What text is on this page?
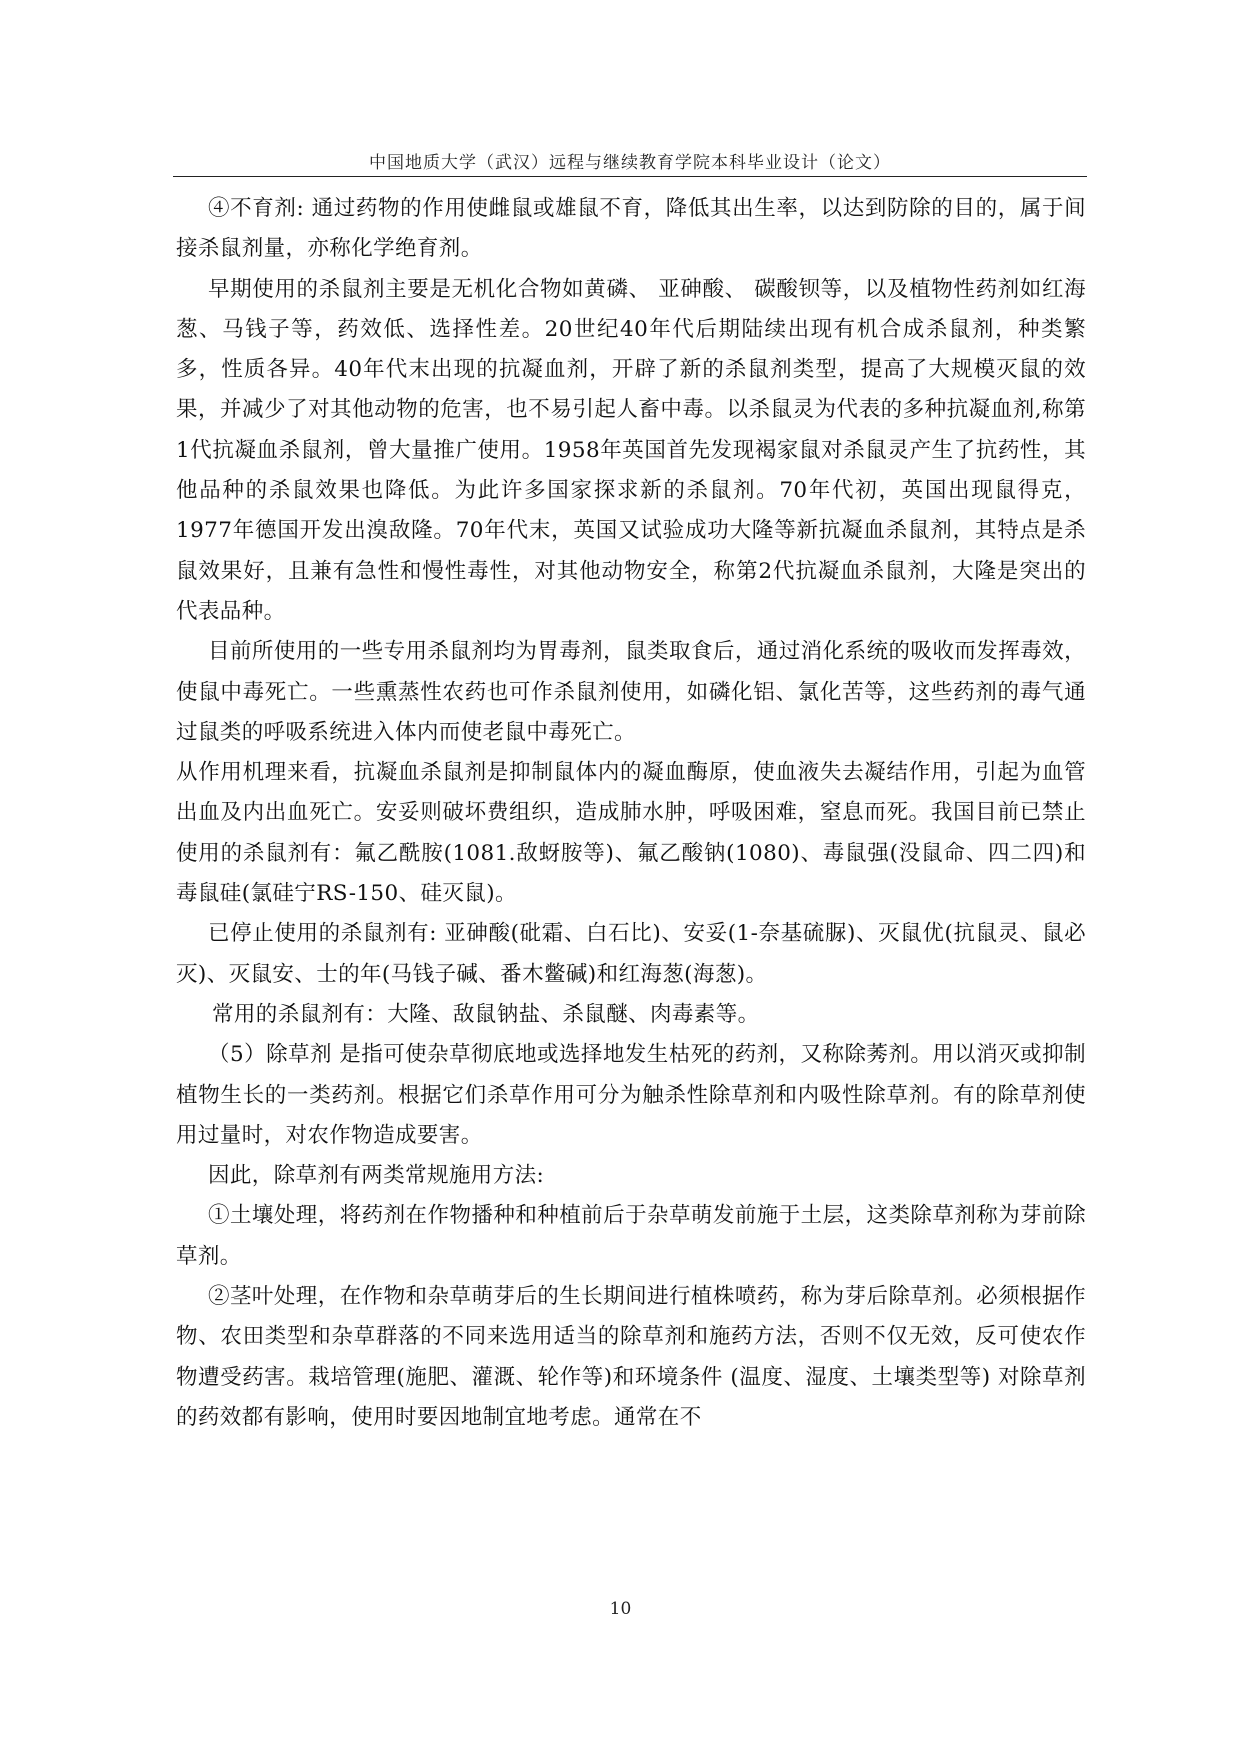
中国地质大学（武汉）远程与继续教育学院本科毕业设计（论文）

④不育剂: 通过药物的作用使雌鼠或雄鼠不育，降低其出生率，以达到防除的目的，属于间接杀鼠剂量，亦称化学绝育剂。

早期使用的杀鼠剂主要是无机化合物如黄磷、 亚砷酸、 碳酸钡等，以及植物性药剂如红海葱、马钱子等，药效低、选择性差。20世纪40年代后期陆续出现有机合成杀鼠剂，种类繁多，性质各异。40年代末出现的抗凝血剂，开辟了新的杀鼠剂类型，提高了大规模灭鼠的效果，并减少了对其他动物的危害，也不易引起人畜中毒。以杀鼠灵为代表的多种抗凝血剂,称第1代抗凝血杀鼠剂，曾大量推广使用。1958年英国首先发现褐家鼠对杀鼠灵产生了抗药性，其他品种的杀鼠效果也降低。为此许多国家探求新的杀鼠剂。70年代初，英国出现鼠得克，1977年德国开发出溴敌隆。70年代末，英国又试验成功大隆等新抗凝血杀鼠剂，其特点是杀鼠效果好，且兼有急性和慢性毒性，对其他动物安全，称第2代抗凝血杀鼠剂，大隆是突出的代表品种。

目前所使用的一些专用杀鼠剂均为胃毒剂，鼠类取食后，通过消化系统的吸收而发挥毒效，使鼠中毒死亡。一些熏蒸性农药也可作杀鼠剂使用，如磷化铝、氯化苦等，这些药剂的毒气通过鼠类的呼吸系统进入体内而使老鼠中毒死亡。

从作用机理来看，抗凝血杀鼠剂是抑制鼠体内的凝血酶原，使血液失去凝结作用，引起为血管出血及内出血死亡。安妥则破坏费组织，造成肺水肿，呼吸困难，窒息而死。我国目前已禁止使用的杀鼠剂有：氟乙酰胺(1081.敌蚜胺等)、氟乙酸钠(1080)、毒鼠强(没鼠命、四二四)和毒鼠硅(氯硅宁RS-150、硅灭鼠)。

已停止使用的杀鼠剂有: 亚砷酸(砒霜、白石比)、安妥(1-奈基硫脲)、灭鼠优(抗鼠灵、鼠必灭)、灭鼠安、士的年(马钱子碱、番木鳖碱)和红海葱(海葱)。

常用的杀鼠剂有：大隆、敌鼠钠盐、杀鼠醚、肉毒素等。

（5）除草剂 是指可使杂草彻底地或选择地发生枯死的药剂，又称除莠剂。用以消灭或抑制植物生长的一类药剂。根据它们杀草作用可分为触杀性除草剂和内吸性除草剂。有的除草剂使用过量时，对农作物造成要害。

因此，除草剂有两类常规施用方法:

①土壤处理，将药剂在作物播种和种植前后于杂草萌发前施于土层，这类除草剂称为芽前除草剂。

②茎叶处理，在作物和杂草萌芽后的生长期间进行植株喷药，称为芽后除草剂。必须根据作物、农田类型和杂草群落的不同来选用适当的除草剂和施药方法，否则不仅无效，反可使农作物遭受药害。栽培管理(施肥、灌溉、轮作等)和环境条件 (温度、湿度、土壤类型等) 对除草剂的药效都有影响，使用时要因地制宜地考虑。通常在不

10
